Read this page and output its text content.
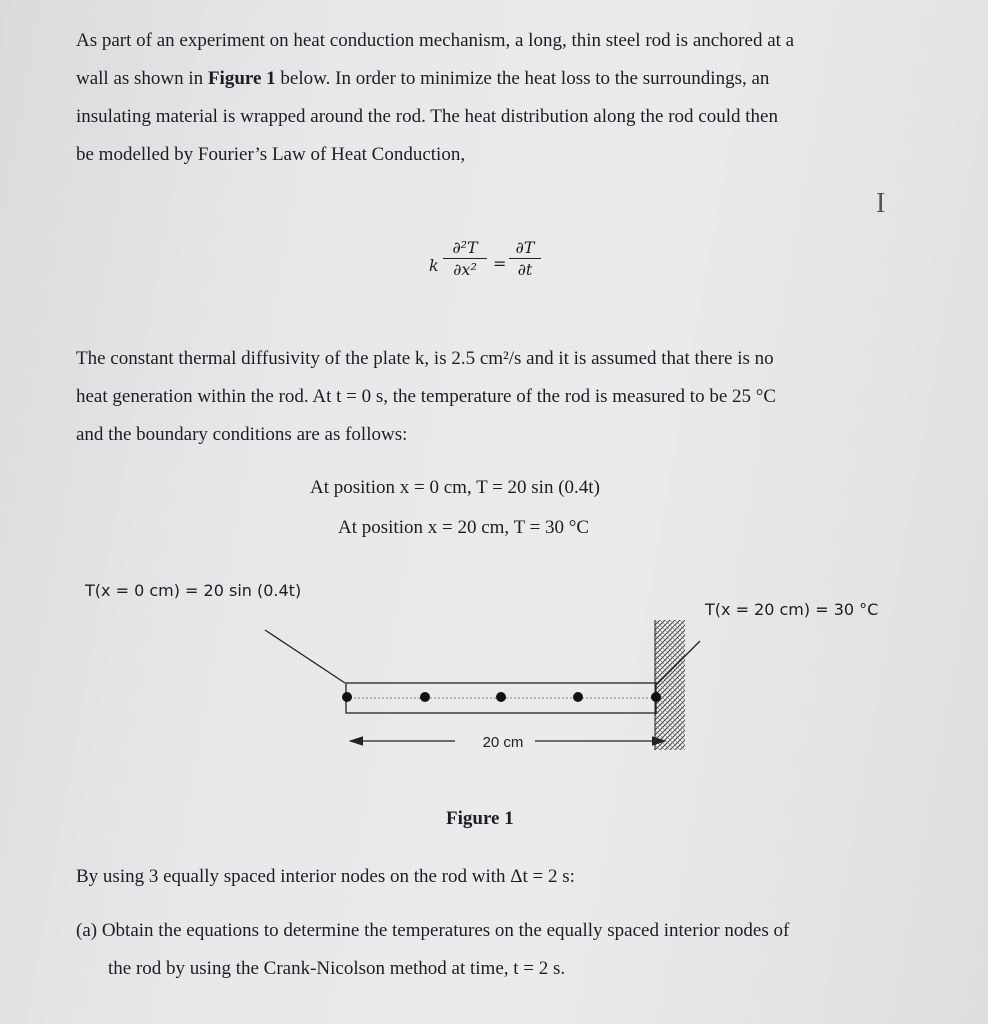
As part of an experiment on heat conduction mechanism, a long, thin steel rod is anchored at a
wall as shown in Figure 1 below. In order to minimize the heat loss to the surroundings, an
insulating material is wrapped around the rod. The heat distribution along the rod could then
be modelled by Fourier’s Law of Heat Conduction,
I
k
∂²T
∂x²	=
∂T
∂t
The constant thermal diffusivity of the plate k, is 2.5 cm²/s and it is assumed that there is no
heat generation within the rod. At t = 0 s, the temperature of the rod is measured to be 25 °C
and the boundary conditions are as follows:
At position x = 0 cm, T = 20 sin (0.4t)
At position x = 20 cm, T = 30 °C
T(x = 0 cm) = 20 sin (0.4t)
T(x = 20 cm) = 30 °C
20 cm
Figure 1
By using 3 equally spaced interior nodes on the rod with Δt = 2 s:
(a) Obtain the equations to determine the temperatures on the equally spaced interior nodes of
the rod by using the Crank-Nicolson method at time, t = 2 s.
